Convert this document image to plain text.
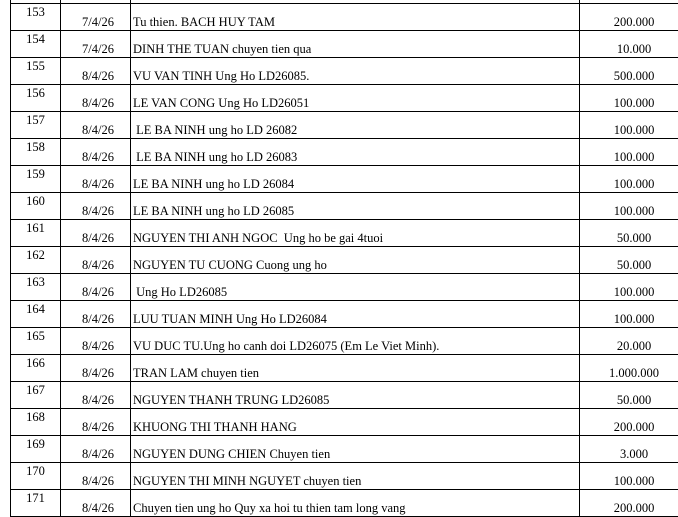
153	7/4/26	Tu thien. BACH HUY TAM	200.000
154	7/4/26	DINH THE TUAN chuyen tien qua	10.000
155	8/4/26	VU VAN TINH Ung Ho LD26085.	500.000
156	8/4/26	LE VAN CONG Ung Ho LD26051	100.000
157	8/4/26	LE BA NINH ung ho LD 26082	100.000
158	8/4/26	LE BA NINH ung ho LD 26083	100.000
159	8/4/26	LE BA NINH ung ho LD 26084	100.000
160	8/4/26	LE BA NINH ung ho LD 26085	100.000
161	8/4/26	NGUYEN THI ANH NGOC  Ung ho be gai 4tuoi	50.000
162	8/4/26	NGUYEN TU CUONG Cuong ung ho	50.000
163	8/4/26	Ung Ho LD26085	100.000
164	8/4/26	LUU TUAN MINH Ung Ho LD26084	100.000
165	8/4/26	VU DUC TU.Ung ho canh doi LD26075 (Em Le Viet Minh).	20.000
166	8/4/26	TRAN LAM chuyen tien	1.000.000
167	8/4/26	NGUYEN THANH TRUNG LD26085	50.000
168	8/4/26	KHUONG THI THANH HANG	200.000
169	8/4/26	NGUYEN DUNG CHIEN Chuyen tien	3.000
170	8/4/26	NGUYEN THI MINH NGUYET chuyen tien	100.000
171	8/4/26	Chuyen tien ung ho Quy xa hoi tu thien tam long vang	200.000
